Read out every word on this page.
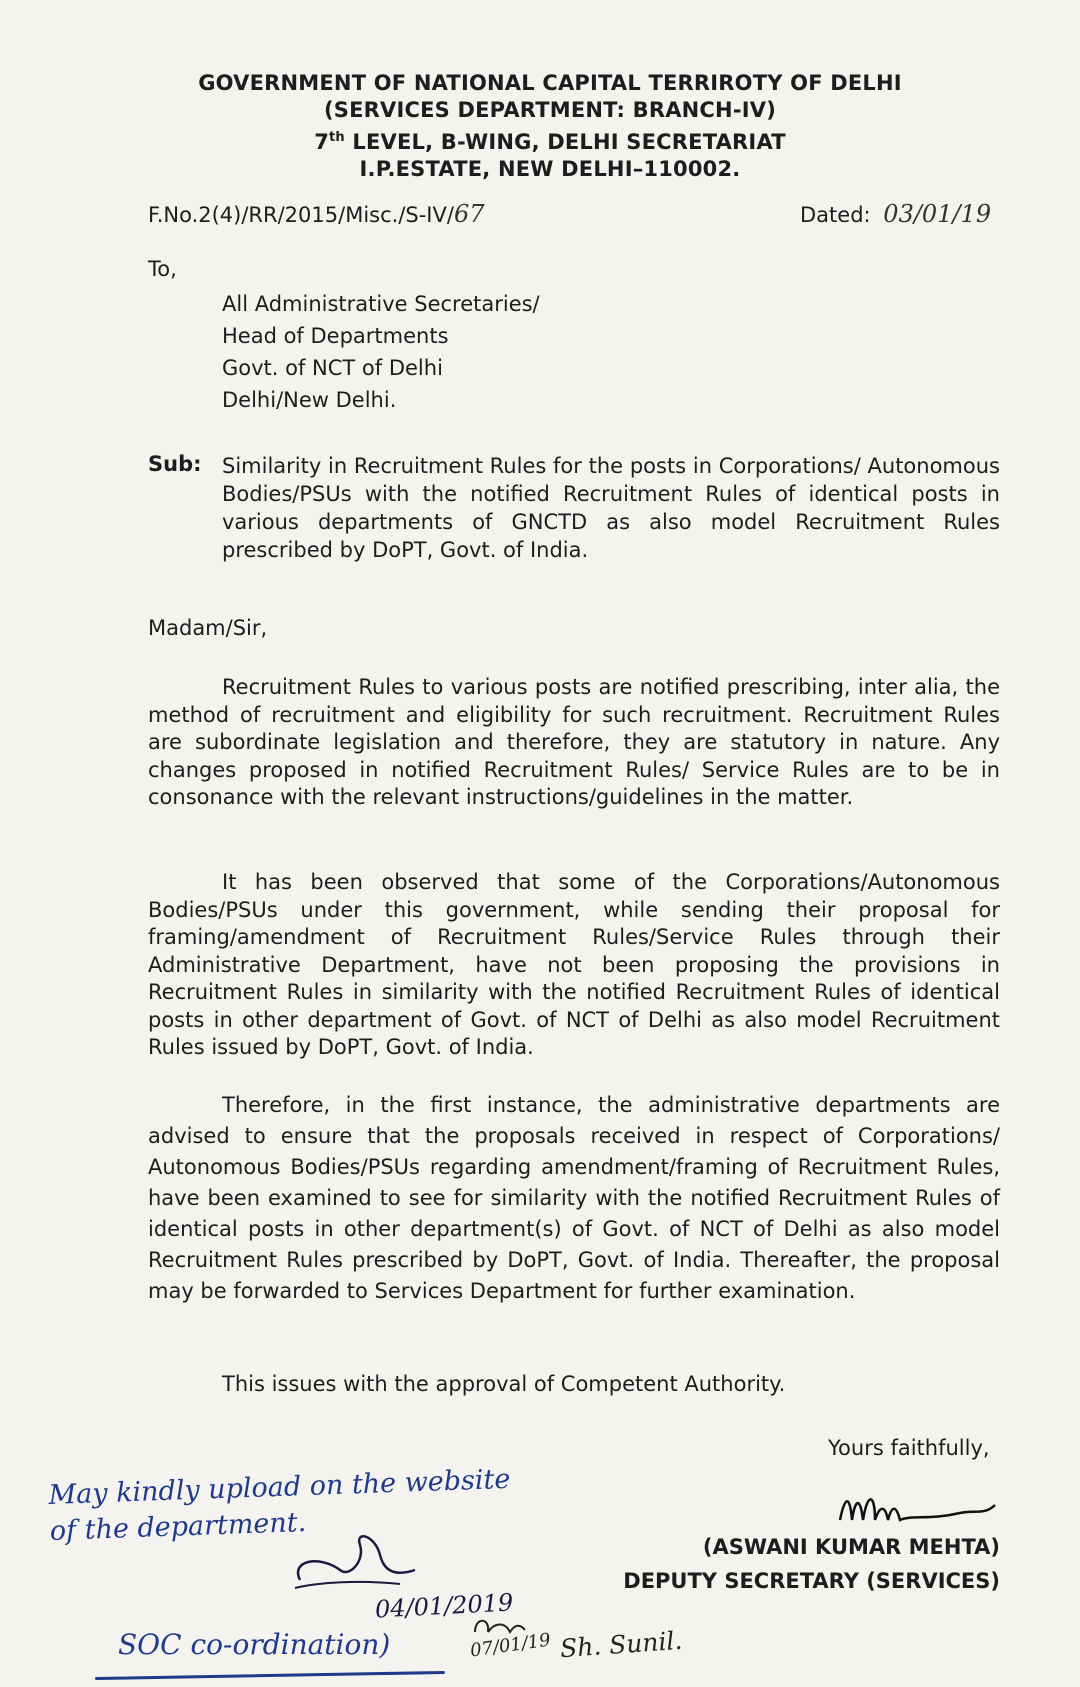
GOVERNMENT OF NATIONAL CAPITAL TERRIROTY OF DELHI
(SERVICES DEPARTMENT: BRANCH-IV)
7th LEVEL, B-WING, DELHI SECRETARIAT
I.P.ESTATE, NEW DELHI–110002.
F.No.2(4)/RR/2015/Misc./S-IV/67	Dated: 03/01/19
To,
All Administrative Secretaries/
Head of Departments
Govt. of NCT of Delhi
Delhi/New Delhi.
Sub: Similarity in Recruitment Rules for the posts in Corporations/ Autonomous Bodies/PSUs with the notified Recruitment Rules of identical posts in various departments of GNCTD as also model Recruitment Rules prescribed by DoPT, Govt. of India.
Madam/Sir,
Recruitment Rules to various posts are notified prescribing, inter alia, the method of recruitment and eligibility for such recruitment. Recruitment Rules are subordinate legislation and therefore, they are statutory in nature. Any changes proposed in notified Recruitment Rules/ Service Rules are to be in consonance with the relevant instructions/guidelines in the matter.
It has been observed that some of the Corporations/Autonomous Bodies/PSUs under this government, while sending their proposal for framing/amendment of Recruitment Rules/Service Rules through their Administrative Department, have not been proposing the provisions in Recruitment Rules in similarity with the notified Recruitment Rules of identical posts in other department of Govt. of NCT of Delhi as also model Recruitment Rules issued by DoPT, Govt. of India.
Therefore, in the first instance, the administrative departments are advised to ensure that the proposals received in respect of Corporations/ Autonomous Bodies/PSUs regarding amendment/framing of Recruitment Rules, have been examined to see for similarity with the notified Recruitment Rules of identical posts in other department(s) of Govt. of NCT of Delhi as also model Recruitment Rules prescribed by DoPT, Govt. of India. Thereafter, the proposal may be forwarded to Services Department for further examination.
This issues with the approval of Competent Authority.
Yours faithfully,
(ASWANI KUMAR MEHTA)
DEPUTY SECRETARY (SERVICES)
May kindly upload on the website
of the department.
04/01/2019
SOC co-ordination)	07/01/19 Sh. Sunil.
